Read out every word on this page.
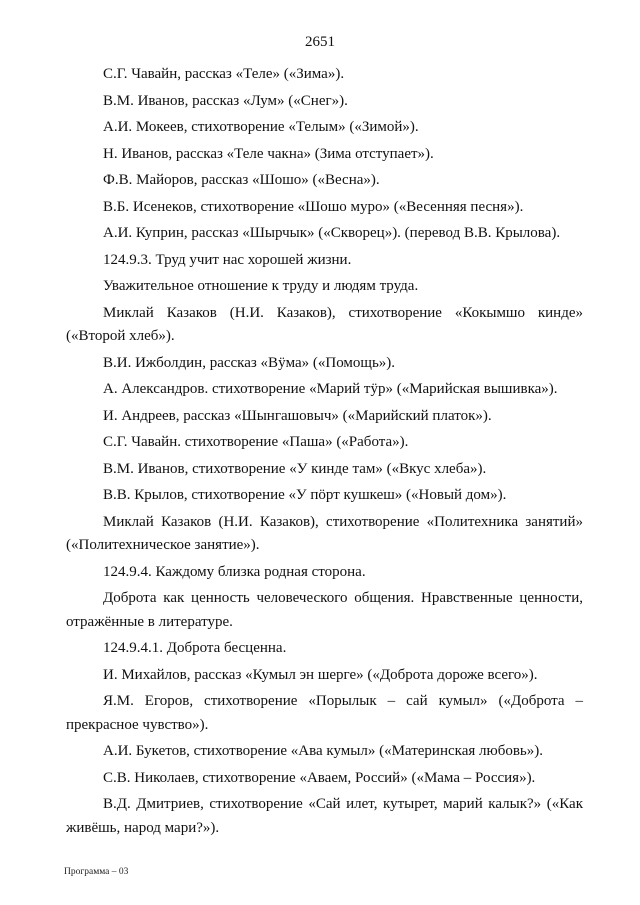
2651

С.Г. Чавайн, рассказ «Теле» («Зима»).

В.М. Иванов, рассказ «Лум» («Снег»).

А.И. Мокеев, стихотворение «Телым» («Зимой»).

Н. Иванов, рассказ «Теле чакна» (Зима отступает»).

Ф.В. Майоров, рассказ «Шошо» («Весна»).

В.Б. Исенеков, стихотворение «Шошо муро» («Весенняя песня»).

А.И. Куприн, рассказ «Шырчык» («Скворец»). (перевод В.В. Крылова).

124.9.3. Труд учит нас хорошей жизни.

Уважительное отношение к труду и людям труда.

Миклай Казаков (Н.И. Казаков), стихотворение «Кокымшо кинде» («Второй хлеб»).

В.И. Ижболдин, рассказ «Вӱма» («Помощь»).

А. Александров. стихотворение «Марий тӱр» («Марийская вышивка»).

И. Андреев, рассказ «Шынгашовыч» («Марийский платок»).

С.Г. Чавайн. стихотворение «Паша» («Работа»).

В.М. Иванов, стихотворение «У кинде там» («Вкус хлеба»).

В.В. Крылов, стихотворение «У пӧрт кушкеш» («Новый дом»).

Миклай Казаков (Н.И. Казаков), стихотворение «Политехника занятий» («Политехническое занятие»).

124.9.4. Каждому близка родная сторона.

Доброта как ценность человеческого общения. Нравственные ценности, отражённые в литературе.

124.9.4.1. Доброта бесценна.

И. Михайлов, рассказ «Кумыл эн шерге» («Доброта дороже всего»).

Я.М. Егоров, стихотворение «Порылык – сай кумыл» («Доброта – прекрасное чувство»).

А.И. Букетов, стихотворение «Ава кумыл» («Материнская любовь»).

С.В. Николаев, стихотворение «Аваем, Россий» («Мама – Россия»).

В.Д. Дмитриев, стихотворение «Сай илет, кутырет, марий калык?» («Как живёшь, народ мари?»).

Программа – 03
